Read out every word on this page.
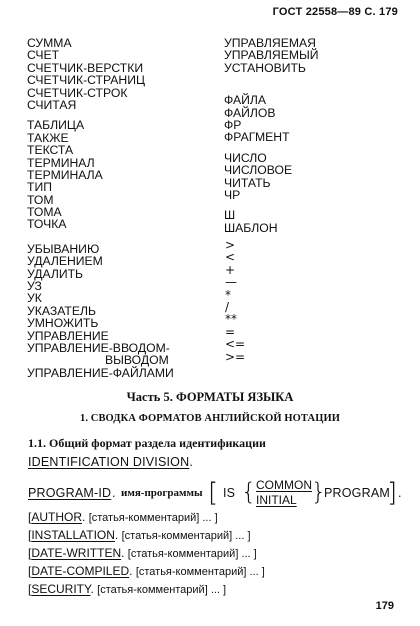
ГОСТ 22558—89 С. 179
СУММА
СЧЕТ
СЧЕТЧИК-ВЕРСТКИ
СЧЕТЧИК-СТРАНИЦ
СЧЕТЧИК-СТРОК
СЧИТАЯ
ТАБЛИЦА
ТАКЖЕ
ТЕКСТА
ТЕРМИНАЛ
ТЕРМИНАЛА
ТИП
ТОМ
ТОМА
ТОЧКА
УБЫВАНИЮ
УДАЛЕНИЕМ
УДАЛИТЬ
УЗ
УК
УКАЗАТЕЛЬ
УМНОЖИТЬ
УПРАВЛЕНИЕ
УПРАВЛЕНИЕ-ВВОДОМ-
ВЫВОДОМ
УПРАВЛЕНИЕ-ФАЙЛАМИ
УПРАВЛЯЕМАЯ
УПРАВЛЯЕМЫЙ
УСТАНОВИТЬ
ФАЙЛА
ФАЙЛОВ
ФР
ФРАГМЕНТ
ЧИСЛО
ЧИСЛОВОЕ
ЧИТАТЬ
ЧР
Ш
ШАБЛОН
>
<
+
—
*
/
**
=
<=
>=
Часть 5. ФОРМАТЫ ЯЗЫКА
1. СВОДКА ФОРМАТОВ АНГЛИЙСКОЙ НОТАЦИИ
1.1. Общий формат раздела идентификации
IDENTIFICATION DIVISION.
PROGRAM-ID . имя-программы [ IS { COMMON
INITIAL }
PROGRAM
] .
[AUTHOR. [статья-комментарий] ... ]
[INSTALLATION. [статья-комментарий] ... ]
[DATE-WRITTEN. [статья-комментарий] ... ]
[DATE-COMPILED. [статья-комментарий] ... ]
[SECURITY. [статья-комментарий] ... ]
179
